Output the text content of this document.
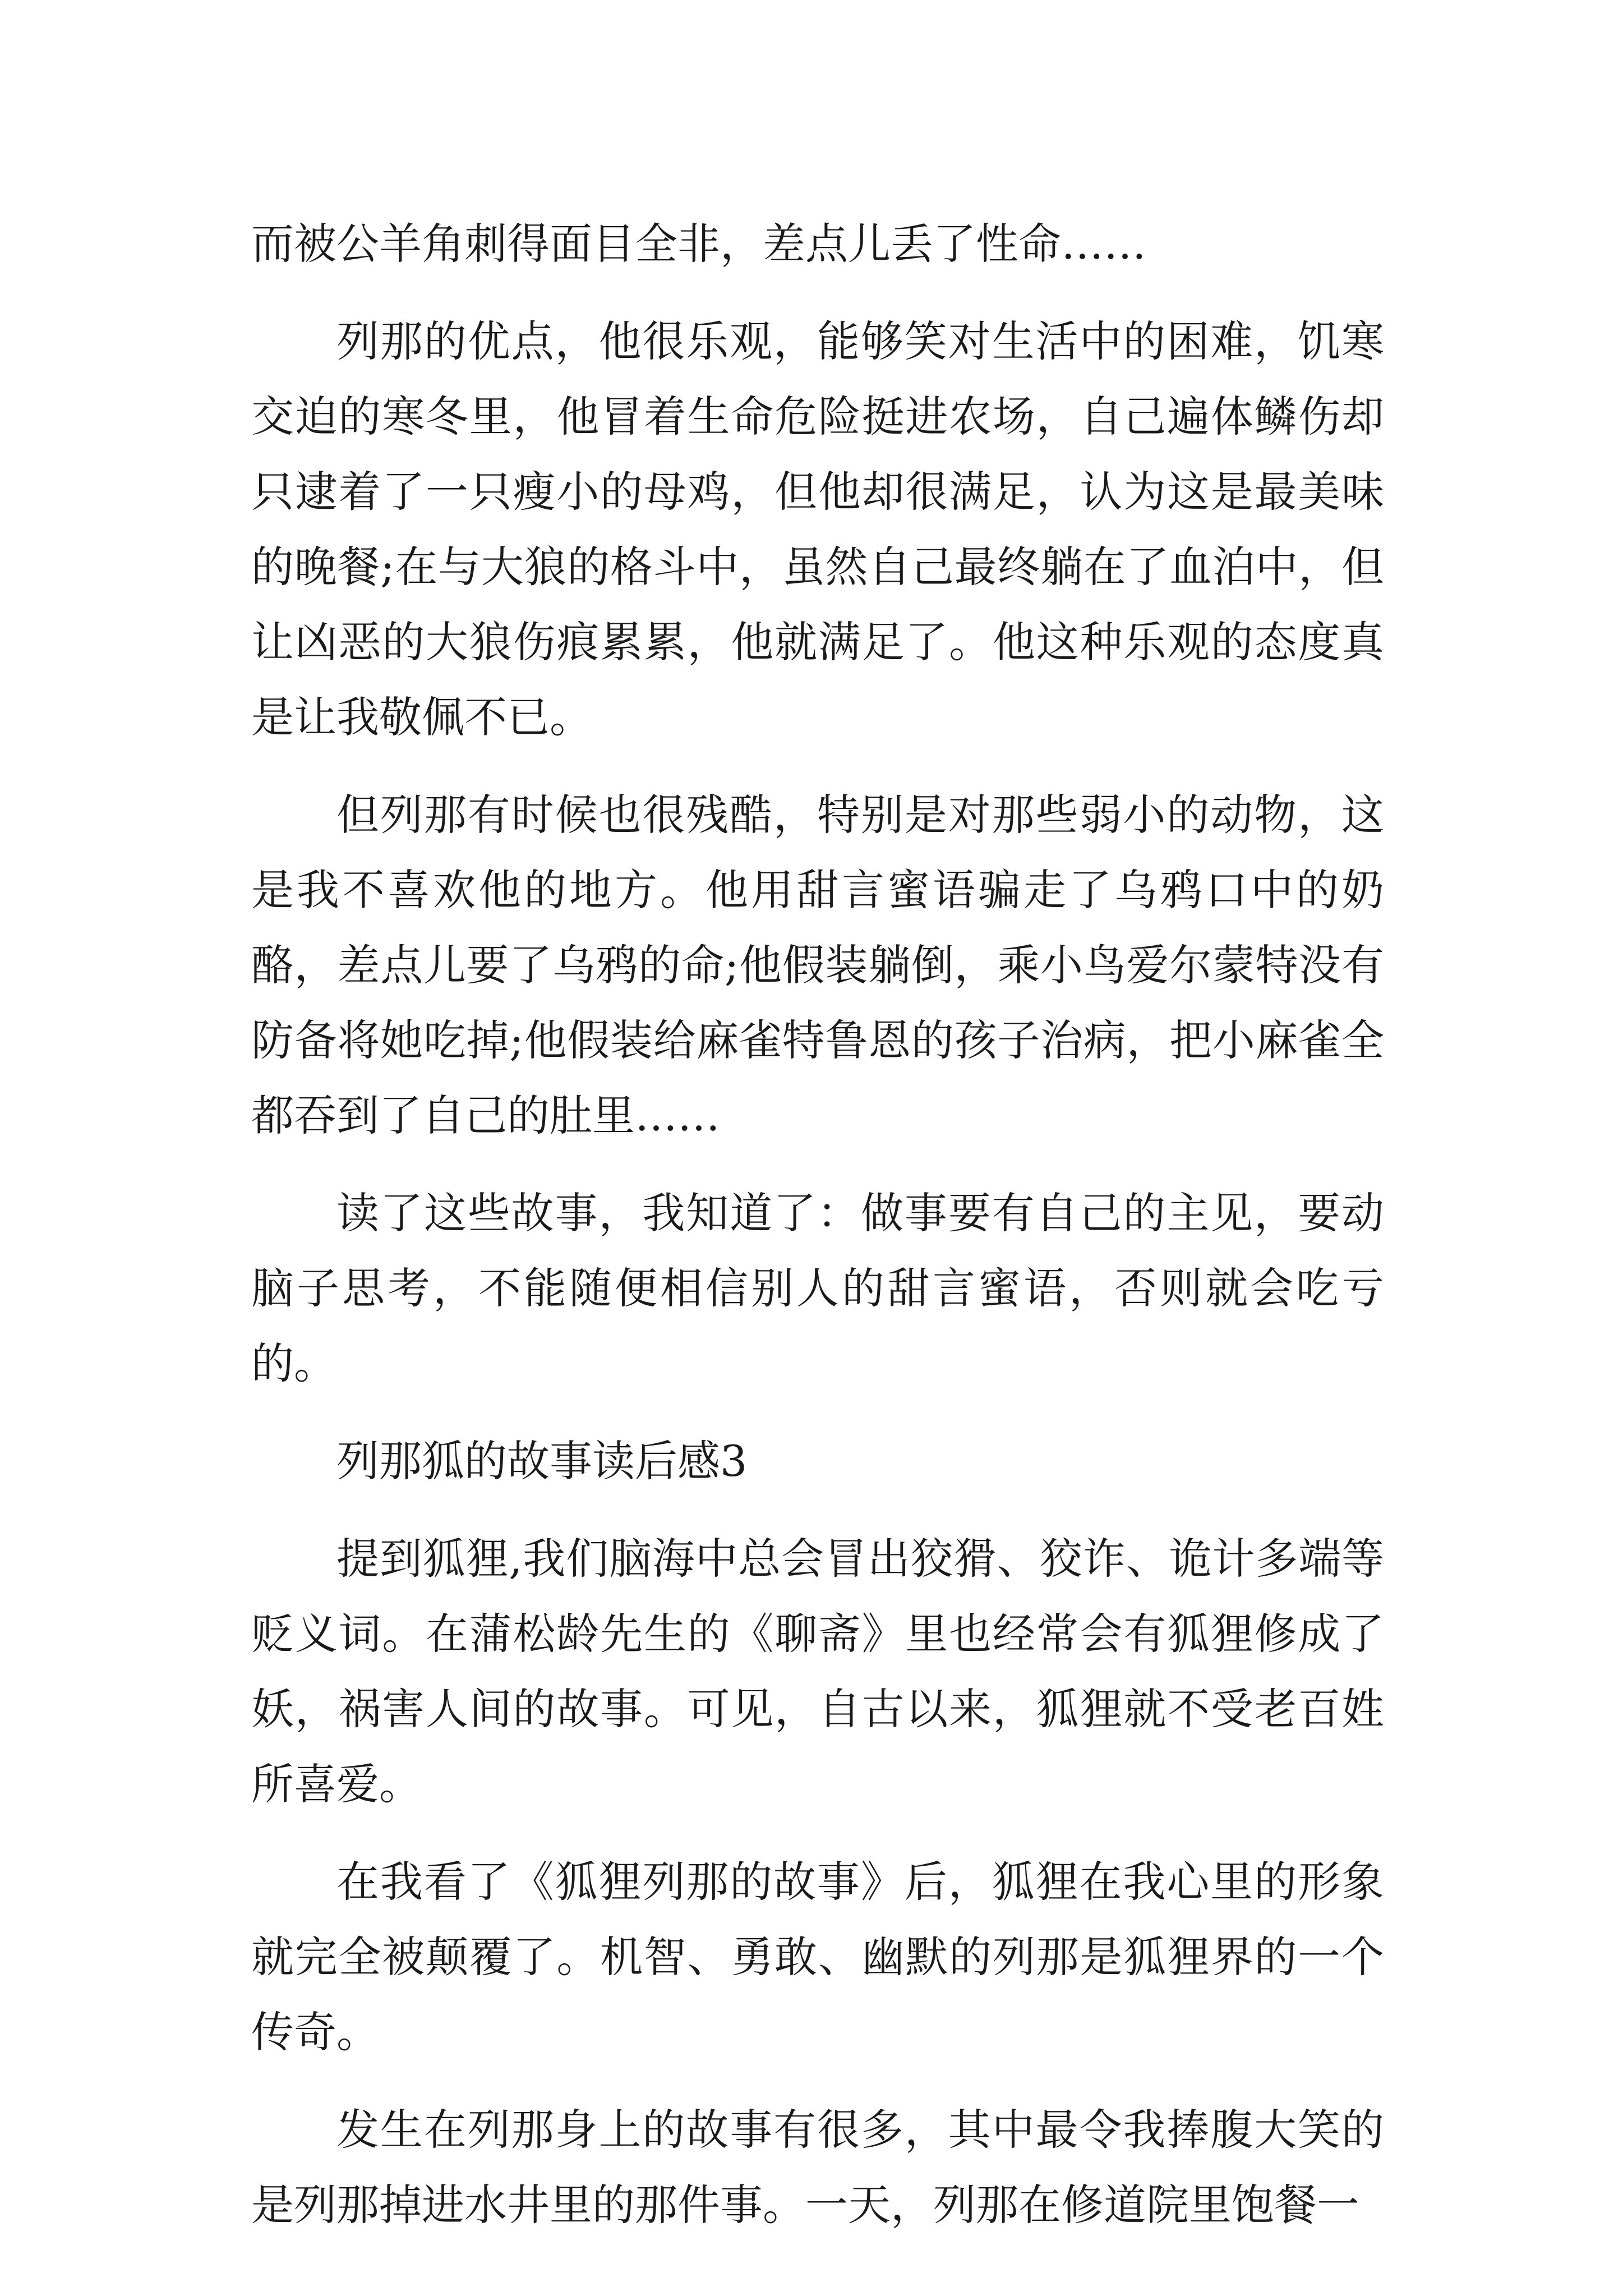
而被公羊角刺得面目全非，差点儿丢了性命……

列那的优点，他很乐观，能够笑对生活中的困难，饥寒交迫的寒冬里，他冒着生命危险挺进农场，自己遍体鳞伤却只逮着了一只瘦小的母鸡，但他却很满足，认为这是最美味的晚餐;在与大狼的格斗中，虽然自己最终躺在了血泊中，但让凶恶的大狼伤痕累累，他就满足了。他这种乐观的态度真是让我敬佩不已。

但列那有时候也很残酷，特别是对那些弱小的动物，这是我不喜欢他的地方。他用甜言蜜语骗走了乌鸦口中的奶酪，差点儿要了乌鸦的命;他假装躺倒，乘小鸟爱尔蒙特没有防备将她吃掉;他假装给麻雀特鲁恩的孩子治病，把小麻雀全都吞到了自己的肚里……

读了这些故事，我知道了：做事要有自己的主见，要动脑子思考，不能随便相信别人的甜言蜜语，否则就会吃亏的。

列那狐的故事读后感3

提到狐狸,我们脑海中总会冒出狡猾、狡诈、诡计多端等贬义词。在蒲松龄先生的《聊斋》里也经常会有狐狸修成了妖，祸害人间的故事。可见，自古以来，狐狸就不受老百姓所喜爱。

在我看了《狐狸列那的故事》后，狐狸在我心里的形象就完全被颠覆了。机智、勇敢、幽默的列那是狐狸界的一个传奇。

发生在列那身上的故事有很多，其中最令我捧腹大笑的是列那掉进水井里的那件事。一天，列那在修道院里饱餐一
